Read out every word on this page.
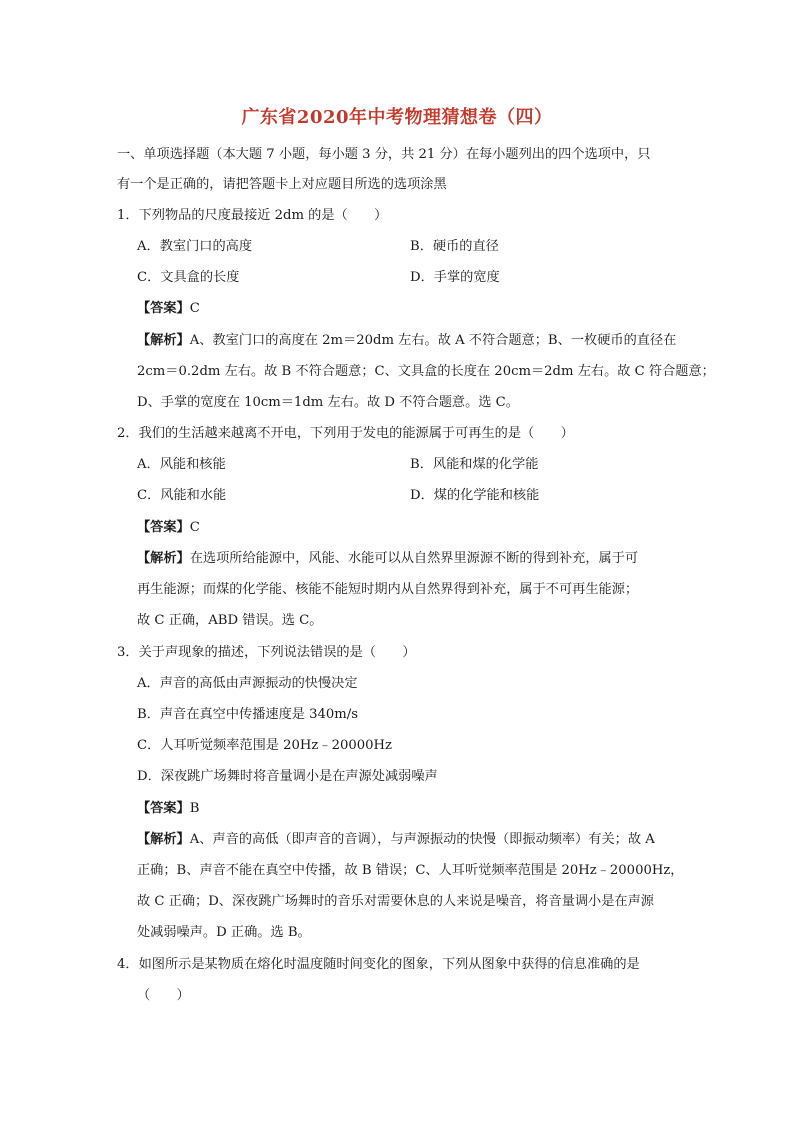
广东省2020年中考物理猜想卷（四）
一、单项选择题（本大题 7 小题，每小题 3 分，共 21 分）在每小题列出的四个选项中，只
有一个是正确的，请把答题卡上对应题目所选的选项涂黑
1．下列物品的尺度最接近 2dm 的是（　　）
A．教室门口的高度	B．硬币的直径
C．文具盒的长度	D．手掌的宽度
【答案】C
【解析】A、教室门口的高度在 2m＝20dm 左右。故 A 不符合题意；B、一枚硬币的直径在
2cm＝0.2dm 左右。故 B 不符合题意；C、文具盒的长度在 20cm＝2dm 左右。故 C 符合题意；
D、手掌的宽度在 10cm＝1dm 左右。故 D 不符合题意。选 C。
2．我们的生活越来越离不开电，下列用于发电的能源属于可再生的是（　　）
A．风能和核能	B．风能和煤的化学能
C．风能和水能	D．煤的化学能和核能
【答案】C
【解析】在选项所给能源中，风能、水能可以从自然界里源源不断的得到补充，属于可
再生能源；而煤的化学能、核能不能短时期内从自然界得到补充，属于不可再生能源；
故 C 正确，ABD 错误。选 C。
3．关于声现象的描述，下列说法错误的是（　　）
A．声音的高低由声源振动的快慢决定
B．声音在真空中传播速度是 340m/s
C．人耳听觉频率范围是 20Hz﹣20000Hz
D．深夜跳广场舞时将音量调小是在声源处减弱噪声
【答案】B
【解析】A、声音的高低（即声音的音调），与声源振动的快慢（即振动频率）有关；故 A
正确；B、声音不能在真空中传播，故 B 错误；C、人耳听觉频率范围是 20Hz﹣20000Hz，
故 C 正确；D、深夜跳广场舞时的音乐对需要休息的人来说是噪音，将音量调小是在声源
处减弱噪声。D 正确。选 B。
4．如图所示是某物质在熔化时温度随时间变化的图象，下列从图象中获得的信息准确的是
（　　）
